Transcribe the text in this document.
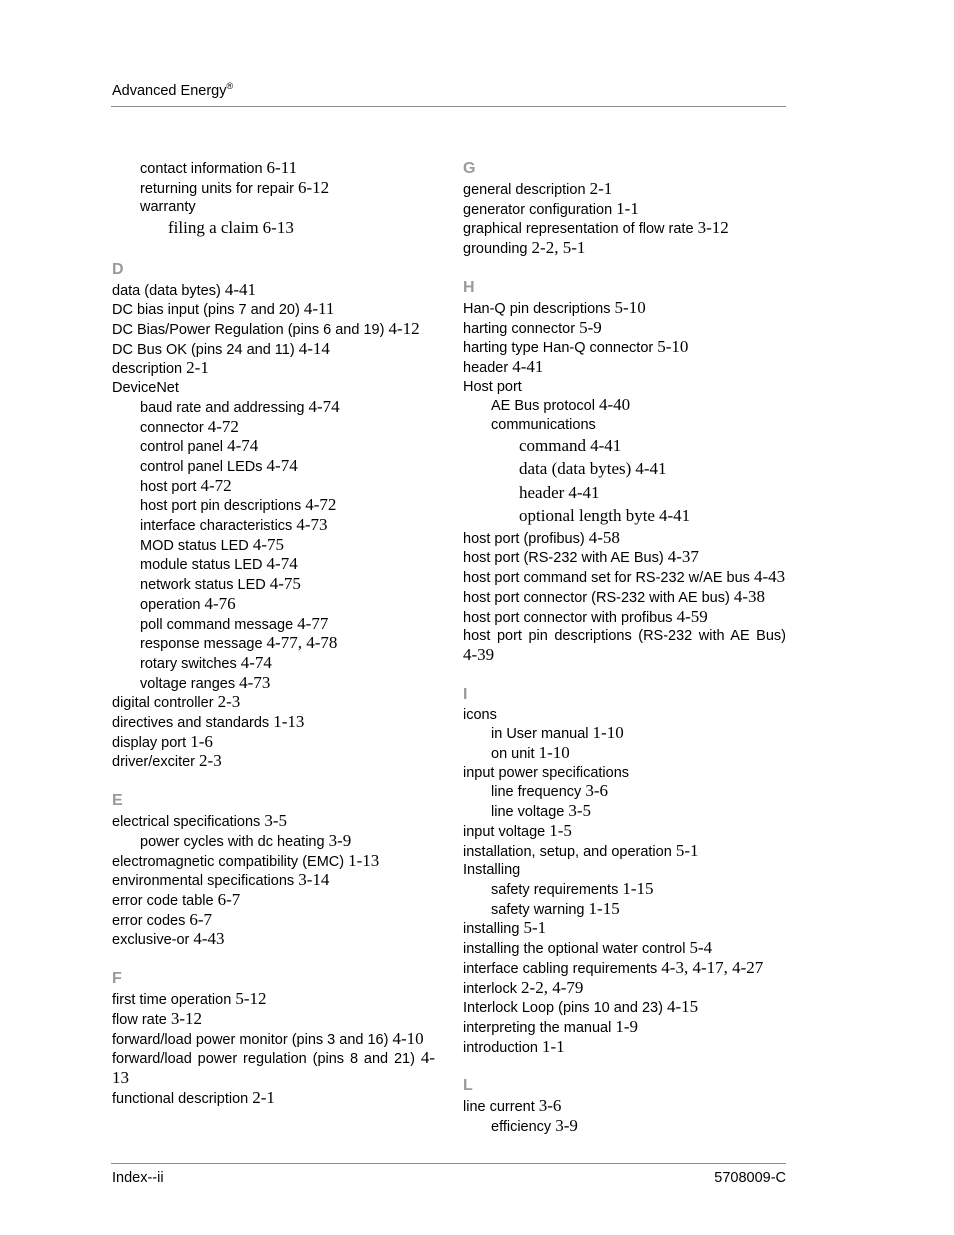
Advanced Energy®
contact information 6-11
returning units for repair 6-12
warranty
filing a claim 6-13
D
data (data bytes) 4-41
DC bias input (pins 7 and 20) 4-11
DC Bias/Power Regulation (pins 6 and 19) 4-12
DC Bus OK (pins 24 and 11) 4-14
description 2-1
DeviceNet
baud rate and addressing 4-74
connector 4-72
control panel 4-74
control panel LEDs 4-74
host port 4-72
host port pin descriptions 4-72
interface characteristics 4-73
MOD status LED 4-75
module status LED 4-74
network status LED 4-75
operation 4-76
poll command message 4-77
response message 4-77, 4-78
rotary switches 4-74
voltage ranges 4-73
digital controller 2-3
directives and standards 1-13
display port 1-6
driver/exciter 2-3
E
electrical specifications 3-5
power cycles with dc heating 3-9
electromagnetic compatibility (EMC) 1-13
environmental specifications 3-14
error code table 6-7
error codes 6-7
exclusive-or 4-43
F
first time operation 5-12
flow rate 3-12
forward/load power monitor (pins 3 and 16) 4-10
forward/load power regulation (pins 8 and 21) 4-13
functional description 2-1
G
general description 2-1
generator configuration 1-1
graphical representation of flow rate 3-12
grounding 2-2, 5-1
H
Han-Q pin descriptions 5-10
harting connector 5-9
harting type Han-Q connector 5-10
header 4-41
Host port
AE Bus protocol 4-40
communications
command 4-41
data (data bytes) 4-41
header 4-41
optional length byte 4-41
host port (profibus) 4-58
host port (RS-232 with AE Bus) 4-37
host port command set for RS-232 w/AE bus 4-43
host port connector (RS-232 with AE bus) 4-38
host port connector with profibus 4-59
host port pin descriptions (RS-232 with AE Bus) 4-39
I
icons
in User manual 1-10
on unit 1-10
input power specifications
line frequency 3-6
line voltage 3-5
input voltage 1-5
installation, setup, and operation 5-1
Installing
safety requirements 1-15
safety warning 1-15
installing 5-1
installing the optional water control 5-4
interface cabling requirements 4-3, 4-17, 4-27
interlock 2-2, 4-79
Interlock Loop (pins 10 and 23) 4-15
interpreting the manual 1-9
introduction 1-1
L
line current 3-6
efficiency 3-9
Index--ii	5708009-C
